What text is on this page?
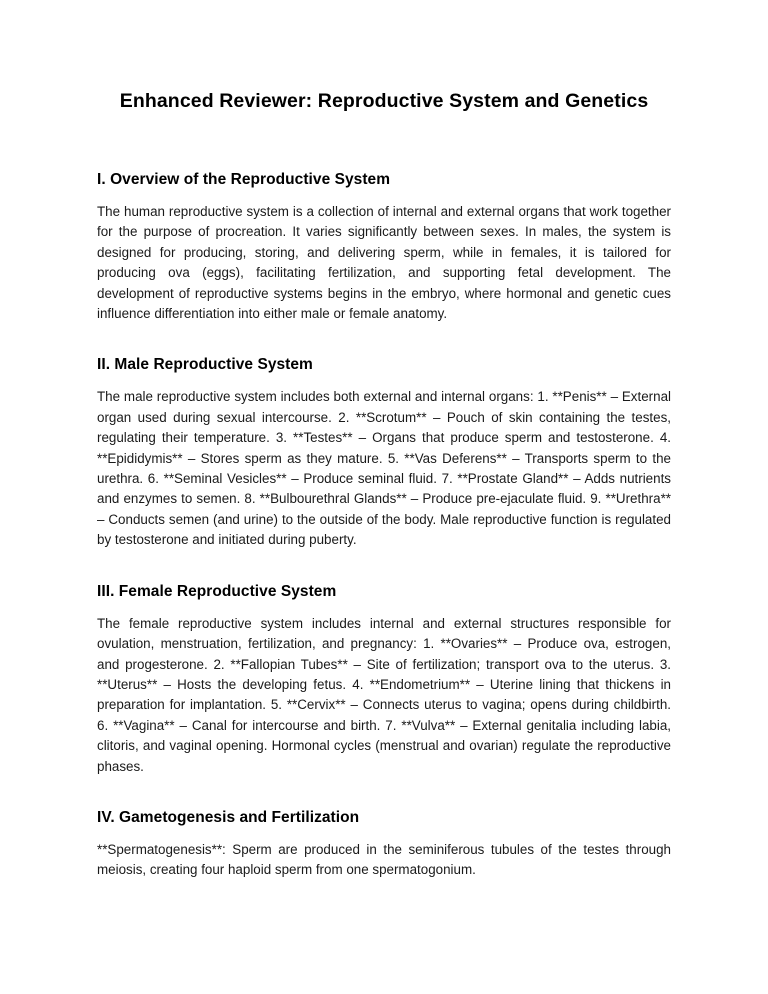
Enhanced Reviewer: Reproductive System and Genetics
I. Overview of the Reproductive System

The human reproductive system is a collection of internal and external organs that work together for the purpose of procreation. It varies significantly between sexes. In males, the system is designed for producing, storing, and delivering sperm, while in females, it is tailored for producing ova (eggs), facilitating fertilization, and supporting fetal development. The development of reproductive systems begins in the embryo, where hormonal and genetic cues influence differentiation into either male or female anatomy.

II. Male Reproductive System

The male reproductive system includes both external and internal organs: 1. **Penis** – External organ used during sexual intercourse. 2. **Scrotum** – Pouch of skin containing the testes, regulating their temperature. 3. **Testes** – Organs that produce sperm and testosterone. 4. **Epididymis** – Stores sperm as they mature. 5. **Vas Deferens** – Transports sperm to the urethra. 6. **Seminal Vesicles** – Produce seminal fluid. 7. **Prostate Gland** – Adds nutrients and enzymes to semen. 8. **Bulbourethral Glands** – Produce pre-ejaculate fluid. 9. **Urethra** – Conducts semen (and urine) to the outside of the body. Male reproductive function is regulated by testosterone and initiated during puberty.

III. Female Reproductive System

The female reproductive system includes internal and external structures responsible for ovulation, menstruation, fertilization, and pregnancy: 1. **Ovaries** – Produce ova, estrogen, and progesterone. 2. **Fallopian Tubes** – Site of fertilization; transport ova to the uterus. 3. **Uterus** – Hosts the developing fetus. 4. **Endometrium** – Uterine lining that thickens in preparation for implantation. 5. **Cervix** – Connects uterus to vagina; opens during childbirth. 6. **Vagina** – Canal for intercourse and birth. 7. **Vulva** – External genitalia including labia, clitoris, and vaginal opening. Hormonal cycles (menstrual and ovarian) regulate the reproductive phases.

IV. Gametogenesis and Fertilization

**Spermatogenesis**: Sperm are produced in the seminiferous tubules of the testes through meiosis, creating four haploid sperm from one spermatogonium.
